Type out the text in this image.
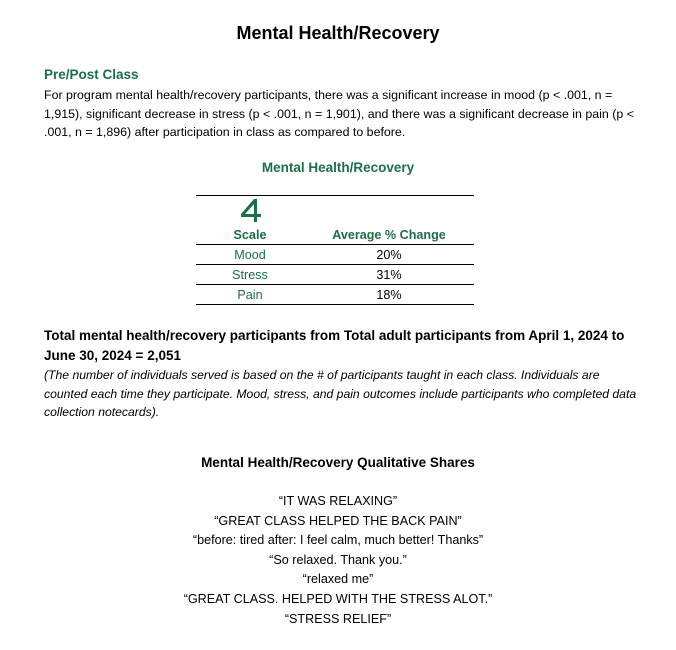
Mental Health/Recovery
Pre/Post Class
For program mental health/recovery participants, there was a significant increase in mood (p < .001, n = 1,915), significant decrease in stress (p < .001, n = 1,901), and there was a significant decrease in pain (p < .001, n = 1,896) after participation in class as compared to before.
Mental Health/Recovery
Scale	Average % Change
Mood	20%
Stress	31%
Pain	18%
Total mental health/recovery participants from Total adult participants from April 1, 2024 to June 30, 2024 = 2,051
(The number of individuals served is based on the # of participants taught in each class. Individuals are counted each time they participate. Mood, stress, and pain outcomes include participants who completed data collection notecards).
Mental Health/Recovery Qualitative Shares
“IT WAS RELAXING”
“GREAT CLASS HELPED THE BACK PAIN”
“before: tired after: I feel calm, much better! Thanks”
“So relaxed. Thank you.”
“relaxed me”
“GREAT CLASS. HELPED WITH THE STRESS ALOT.”
“STRESS RELIEF”
